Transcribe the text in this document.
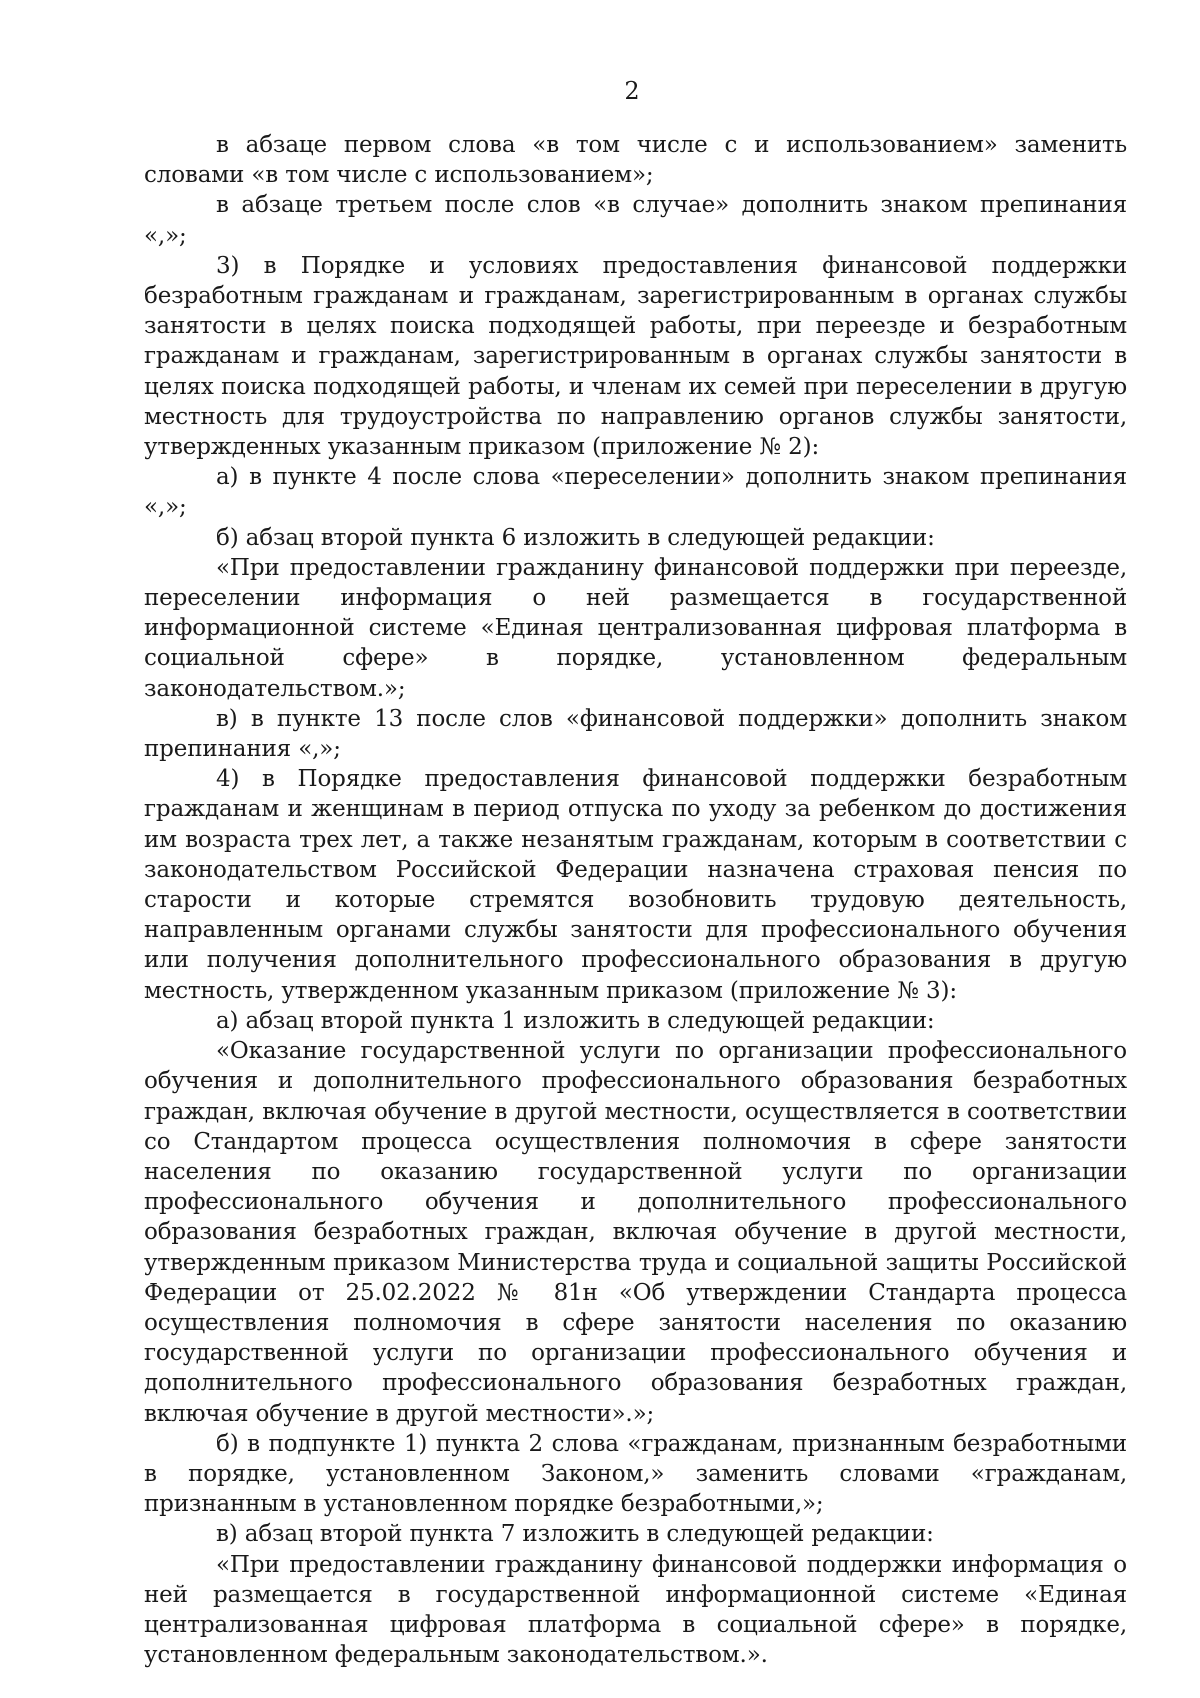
2

в абзаце первом слова «в том числе с и использованием» заменить словами «в том числе с использованием»;

в абзаце третьем после слов «в случае» дополнить знаком препинания «,»;

3) в Порядке и условиях предоставления финансовой поддержки безработным гражданам и гражданам, зарегистрированным в органах службы занятости в целях поиска подходящей работы, при переезде и безработным гражданам и гражданам, зарегистрированным в органах службы занятости в целях поиска подходящей работы, и членам их семей при переселении в другую местность для трудоустройства по направлению органов службы занятости, утвержденных указанным приказом (приложение № 2):

а) в пункте 4 после слова «переселении» дополнить знаком препинания «,»;

б) абзац второй пункта 6 изложить в следующей редакции:

«При предоставлении гражданину финансовой поддержки при переезде, переселении информация о ней размещается в государственной информационной системе «Единая централизованная цифровая платформа в социальной сфере» в порядке, установленном федеральным законодательством.»;

в) в пункте 13 после слов «финансовой поддержки» дополнить знаком препинания «,»;

4) в Порядке предоставления финансовой поддержки безработным гражданам и женщинам в период отпуска по уходу за ребенком до достижения им возраста трех лет, а также незанятым гражданам, которым в соответствии с законодательством Российской Федерации назначена страховая пенсия по старости и которые стремятся возобновить трудовую деятельность, направленным органами службы занятости для профессионального обучения или получения дополнительного профессионального образования в другую местность, утвержденном указанным приказом (приложение № 3):

а) абзац второй пункта 1 изложить в следующей редакции:

«Оказание государственной услуги по организации профессионального обучения и дополнительного профессионального образования безработных граждан, включая обучение в другой местности, осуществляется в соответствии со Стандартом процесса осуществления полномочия в сфере занятости населения по оказанию государственной услуги по организации профессионального обучения и дополнительного профессионального образования безработных граждан, включая обучение в другой местности, утвержденным приказом Министерства труда и социальной защиты Российской Федерации от 25.02.2022 № 81н «Об утверждении Стандарта процесса осуществления полномочия в сфере занятости населения по оказанию государственной услуги по организации профессионального обучения и дополнительного профессионального образования безработных граждан, включая обучение в другой местности».»;

б) в подпункте 1) пункта 2 слова «гражданам, признанным безработными в порядке, установленном Законом,» заменить словами «гражданам, признанным в установленном порядке безработными,»;

в) абзац второй пункта 7 изложить в следующей редакции:

«При предоставлении гражданину финансовой поддержки информация о ней размещается в государственной информационной системе «Единая централизованная цифровая платформа в социальной сфере» в порядке, установленном федеральным законодательством.».
